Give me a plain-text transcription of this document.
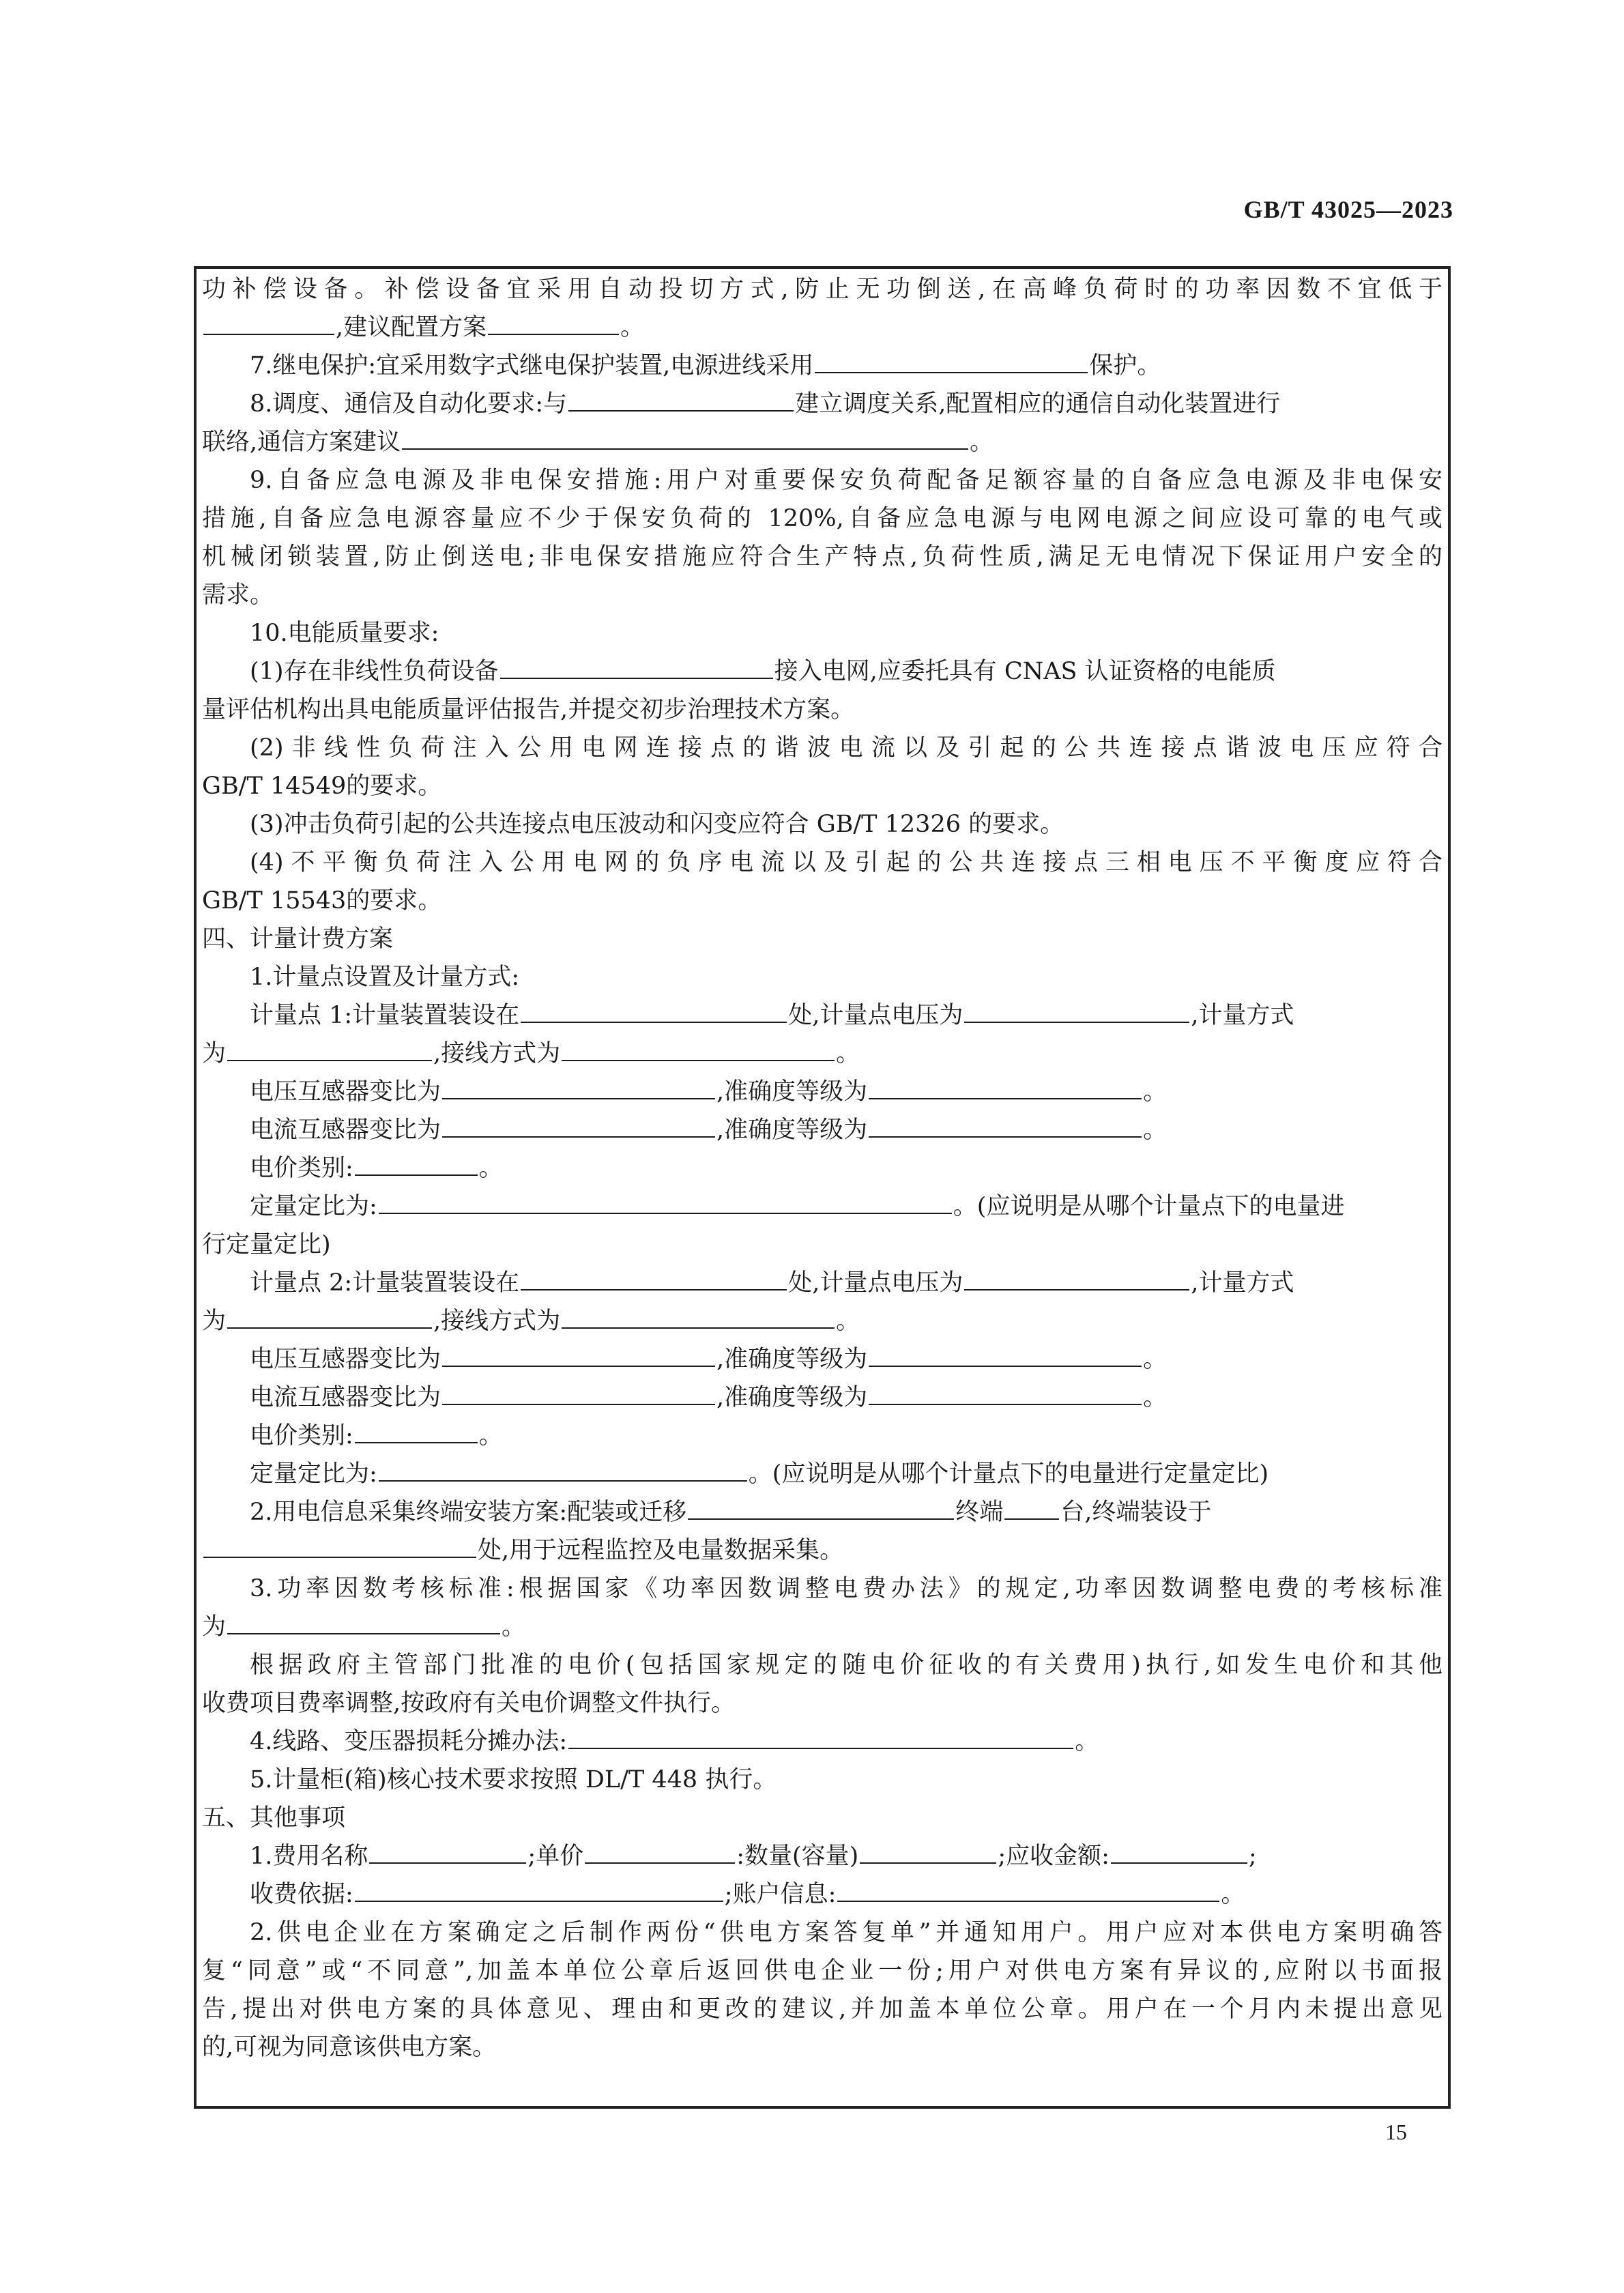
GB/T 43025—2023
功补偿设备。补偿设备宜采用自动投切方式,防止无功倒送,在高峰负荷时的功率因数不宜低于
,建议配置方案	。
7.继电保护:宜采用数字式继电保护装置,电源进线采用	保护。
8.调度、通信及自动化要求:与	建立调度关系,配置相应的通信自动化装置进行
联络,通信方案建议	。
9.自备应急电源及非电保安措施:用户对重要保安负荷配备足额容量的自备应急电源及非电保安
措施,自备应急电源容量应不少于保安负荷的 120%,自备应急电源与电网电源之间应设可靠的电气或
机械闭锁装置,防止倒送电;非电保安措施应符合生产特点,负荷性质,满足无电情况下保证用户安全的
需求。
10.电能质量要求:
(1)存在非线性负荷设备	接入电网,应委托具有 CNAS 认证资格的电能质
量评估机构出具电能质量评估报告,并提交初步治理技术方案。
(2)非线性负荷注入公用电网连接点的谐波电流以及引起的公共连接点谐波电压应符合
GB/T 14549的要求。
(3)冲击负荷引起的公共连接点电压波动和闪变应符合 GB/T 12326 的要求。
(4)不平衡负荷注入公用电网的负序电流以及引起的公共连接点三相电压不平衡度应符合
GB/T 15543的要求。
四、计量计费方案
1.计量点设置及计量方式:
计量点 1:计量装置装设在	处,计量点电压为	,计量方式
为	,接线方式为	。
电压互感器变比为	,准确度等级为	。
电流互感器变比为	,准确度等级为	。
电价类别:	。
定量定比为:	。(应说明是从哪个计量点下的电量进
行定量定比)
计量点 2:计量装置装设在	处,计量点电压为	,计量方式
为	,接线方式为	。
电压互感器变比为	,准确度等级为	。
电流互感器变比为	,准确度等级为	。
电价类别:	。
定量定比为:	。(应说明是从哪个计量点下的电量进行定量定比)
2.用电信息采集终端安装方案:配装或迁移	终端 台,终端装设于
处,用于远程监控及电量数据采集。
3.功率因数考核标准:根据国家《功率因数调整电费办法》的规定,功率因数调整电费的考核标准
为	。
根据政府主管部门批准的电价(包括国家规定的随电价征收的有关费用)执行,如发生电价和其他
收费项目费率调整,按政府有关电价调整文件执行。
4.线路、变压器损耗分摊办法:	。
5.计量柜(箱)核心技术要求按照 DL/T 448 执行。
五、其他事项
1.费用名称	;单价	:数量(容量)	;应收金额:	;
收费依据:	;账户信息:	。
2.供电企业在方案确定之后制作两份“供电方案答复单”并通知用户。用户应对本供电方案明确答
复“同意”或“不同意”,加盖本单位公章后返回供电企业一份;用户对供电方案有异议的,应附以书面报
告,提出对供电方案的具体意见、理由和更改的建议,并加盖本单位公章。用户在一个月内未提出意见
的,可视为同意该供电方案。
15
